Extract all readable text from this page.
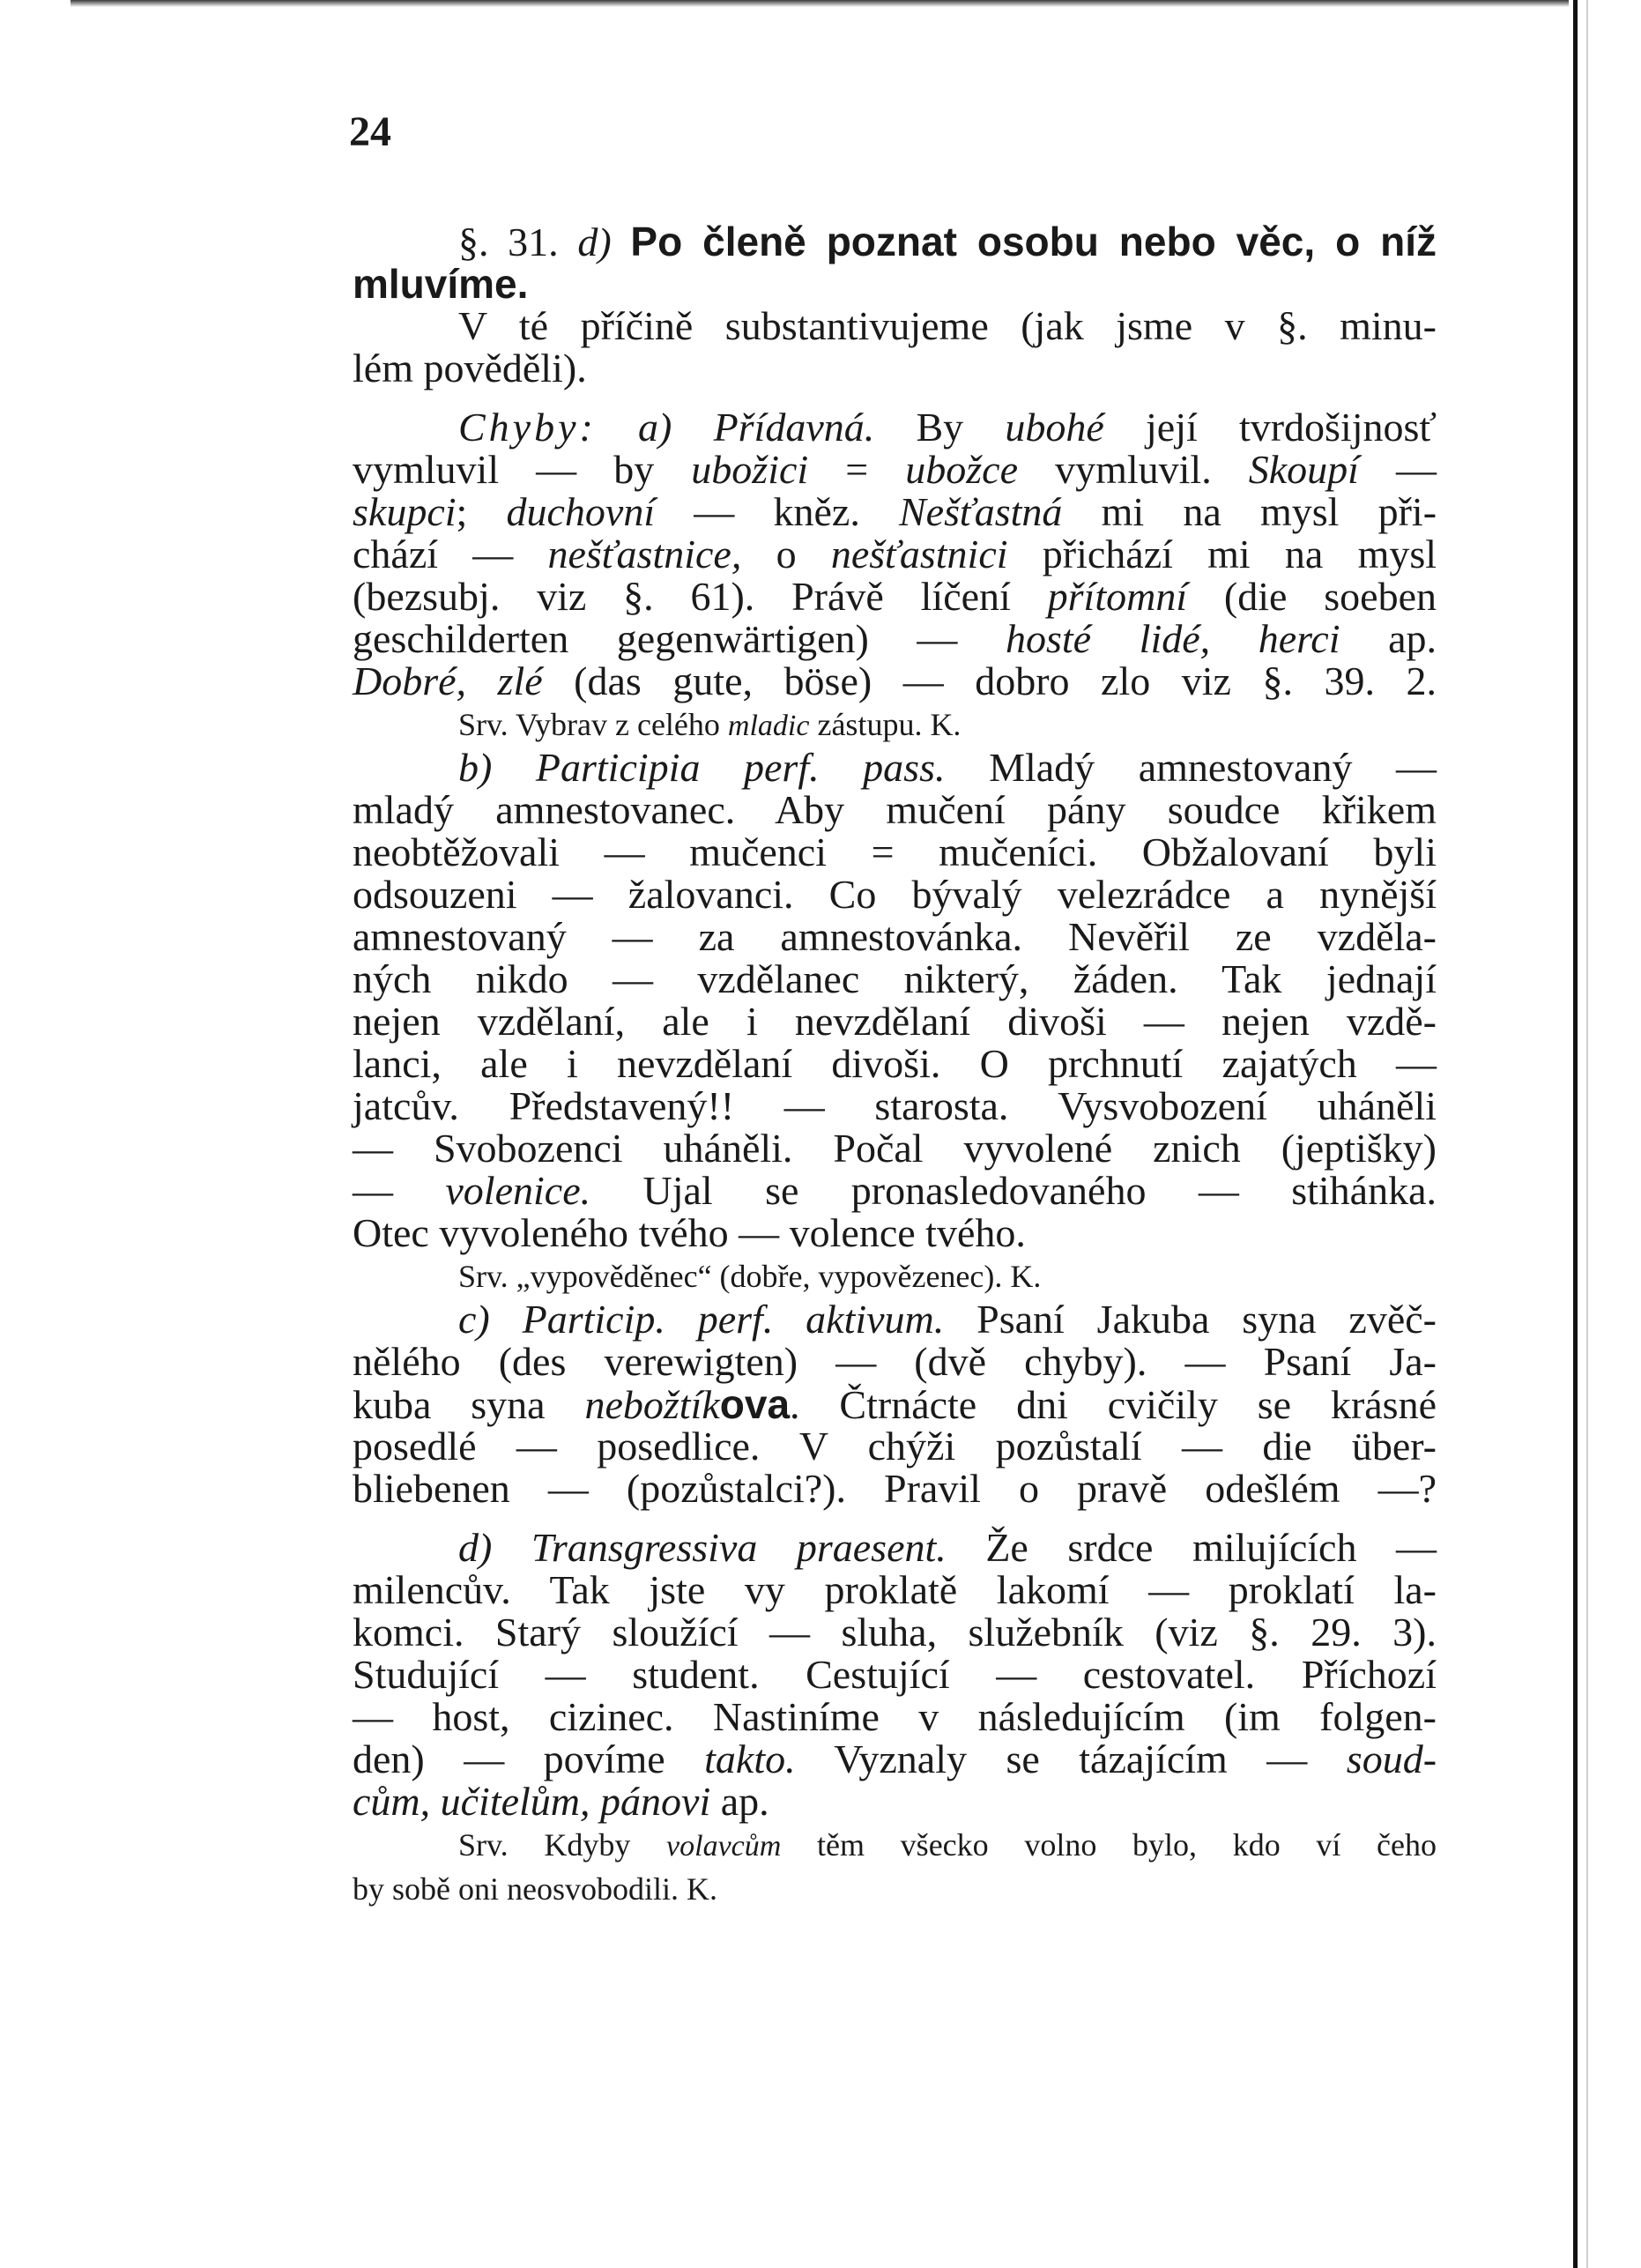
24

§. 31. d) Po členě poznat osobu nebo věc, o níž

mluvíme.

V té příčině substantivujeme (jak jsme v §. minu-

lém pověděli).

Chyby: a) Přídavná. By ubohé její tvrdošijnosť

vymluvil — by ubožici = ubožce vymluvil. Skoupí —

skupci; duchovní — kněz. Nešťastná mi na mysl při-

chází — nešťastnice, o nešťastnici přichází mi na mysl

(bezsubj. viz §. 61). Právě líčení přítomní (die soeben

geschilderten gegenwärtigen) — hosté lidé, herci ap.

Dobré, zlé (das gute, böse) — dobro zlo viz §. 39. 2.

Srv. Vybrav z celého mladic zástupu. K.

b) Participia perf. pass. Mladý amnestovaný —

mladý amnestovanec. Aby mučení pány soudce křikem

neobtěžovali — mučenci = mučeníci. Obžalovaní byli

odsouzeni — žalovanci. Co bývalý velezrádce a nynější

amnestovaný — za amnestovánka. Nevěřil ze vzděla-

ných nikdo — vzdělanec nikterý, žáden. Tak jednají

nejen vzdělaní, ale i nevzdělaní divoši — nejen vzdě-

lanci, ale i nevzdělaní divoši. O prchnutí zajatých —

jatcův. Představený!! — starosta. Vysvobození uháněli

— Svobozenci uháněli. Počal vyvolené znich (jeptišky)

— volenice. Ujal se pronasledovaného — stihánka.

Otec vyvoleného tvého — volence tvého.

Srv. „vypověděnec“ (dobře, vypovězenec). K.

c) Particip. perf. aktivum. Psaní Jakuba syna zvěč-

nělého (des verewigten) — (dvě chyby). — Psaní Ja-

kuba syna nebožtíkova. Čtrnácte dni cvičily se krásné

posedlé — posedlice. V chýži pozůstalí — die über-

bliebenen — (pozůstalci?). Pravil o pravě odešlém —?

d) Transgressiva praesent. Že srdce milujících —

milencův. Tak jste vy proklatě lakomí — proklatí la-

komci. Starý sloužící — sluha, služebník (viz §. 29. 3).

Studující — student. Cestující — cestovatel. Příchozí

— host, cizinec. Nastiníme v následujícím (im folgen-

den) — povíme takto. Vyznaly se tázajícím — soud-

cům, učitelům, pánovi ap.

Srv. Kdyby volavcům těm všecko volno bylo, kdo ví čeho

by sobě oni neosvobodili. K.
